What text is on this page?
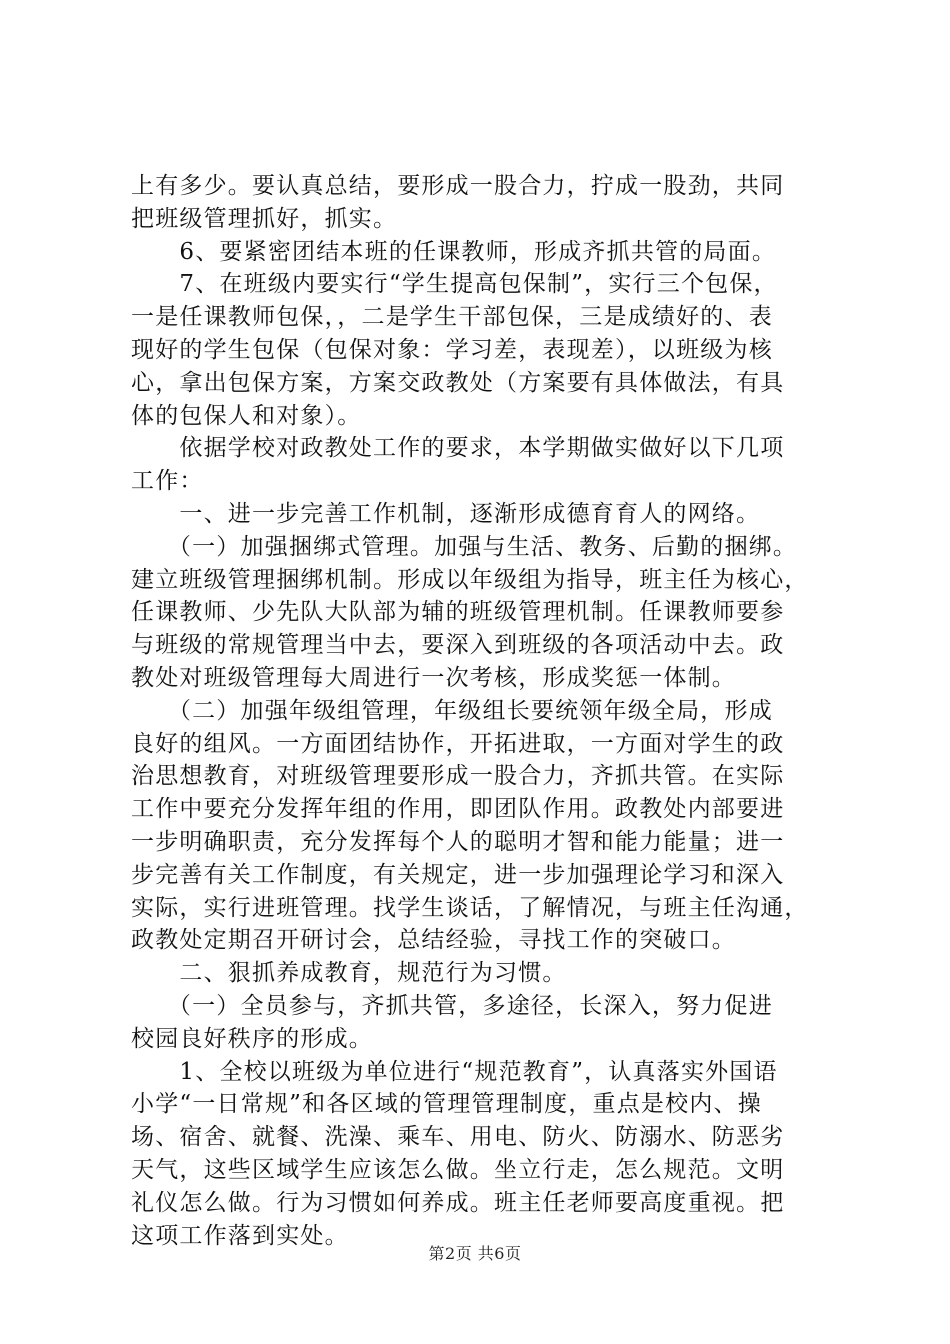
上有多少。要认真总结，要形成一股合力，拧成一股劲，共同
把班级管理抓好，抓实。
　　6、要紧密团结本班的任课教师，形成齐抓共管的局面。
　　7、在班级内要实行“学生提高包保制”，实行三个包保，
一是任课教师包保，，二是学生干部包保，三是成绩好的、表
现好的学生包保（包保对象：学习差，表现差），以班级为核
心，拿出包保方案，方案交政教处（方案要有具体做法，有具
体的包保人和对象）。
　　依据学校对政教处工作的要求，本学期做实做好以下几项
工作：
　　一、进一步完善工作机制，逐渐形成德育育人的网络。
　　（一）加强捆绑式管理。加强与生活、教务、后勤的捆绑。
建立班级管理捆绑机制。形成以年级组为指导，班主任为核心，
任课教师、少先队大队部为辅的班级管理机制。任课教师要参
与班级的常规管理当中去，要深入到班级的各项活动中去。政
教处对班级管理每大周进行一次考核，形成奖惩一体制。
　　（二）加强年级组管理，年级组长要统领年级全局，形成
良好的组风。一方面团结协作，开拓进取，一方面对学生的政
治思想教育，对班级管理要形成一股合力，齐抓共管。在实际
工作中要充分发挥年组的作用，即团队作用。政教处内部要进
一步明确职责，充分发挥每个人的聪明才智和能力能量；进一
步完善有关工作制度，有关规定，进一步加强理论学习和深入
实际，实行进班管理。找学生谈话，了解情况，与班主任沟通，
政教处定期召开研讨会，总结经验，寻找工作的突破口。
　　二、狠抓养成教育，规范行为习惯。
　　（一）全员参与，齐抓共管，多途径，长深入，努力促进
校园良好秩序的形成。
　　1、全校以班级为单位进行“规范教育”，认真落实外国语
小学“一日常规”和各区域的管理管理制度，重点是校内、操
场、宿舍、就餐、洗澡、乘车、用电、防火、防溺水、防恶劣
天气，这些区域学生应该怎么做。坐立行走，怎么规范。文明
礼仪怎么做。行为习惯如何养成。班主任老师要高度重视。把
这项工作落到实处。
第2页 共6页
